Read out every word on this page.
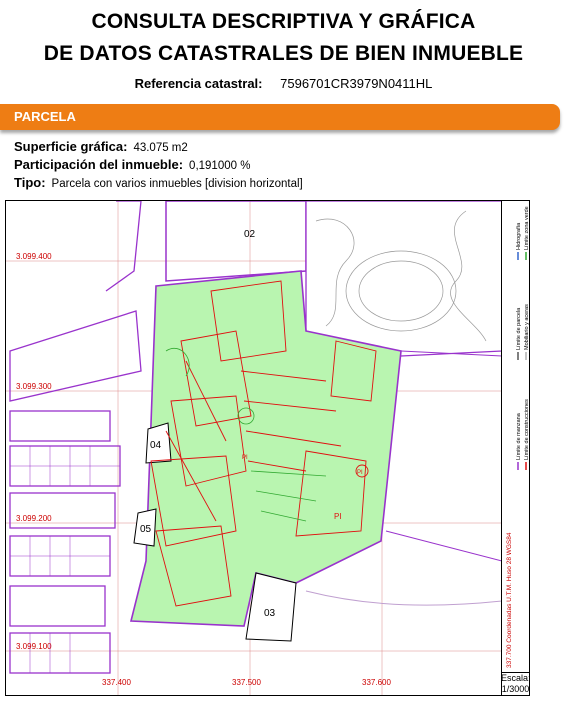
CONSULTA DESCRIPTIVA Y GRÁFICA
DE DATOS CATASTRALES DE BIEN INMUEBLE
Referencia catastral: 7596701CR3979N0411HL
PARCELA
Superficie gráfica: 43.075 m2
Participación del inmueble: 0,191000 %
Tipo: Parcela con varios inmuebles [division horizontal]
02
04
05
03
PI
PI
PI
3.099.400
3.099.300
3.099.200
3.099.100
337.400	337.500	337.600
337.700 Coordenadas U.T.M. Huso 28 WGS84
Límite de manzana Límite de construcciones
Límite de parcela Mobiliario y aceras
Hidrografía Límite zona verde
Escala:
1/3000
